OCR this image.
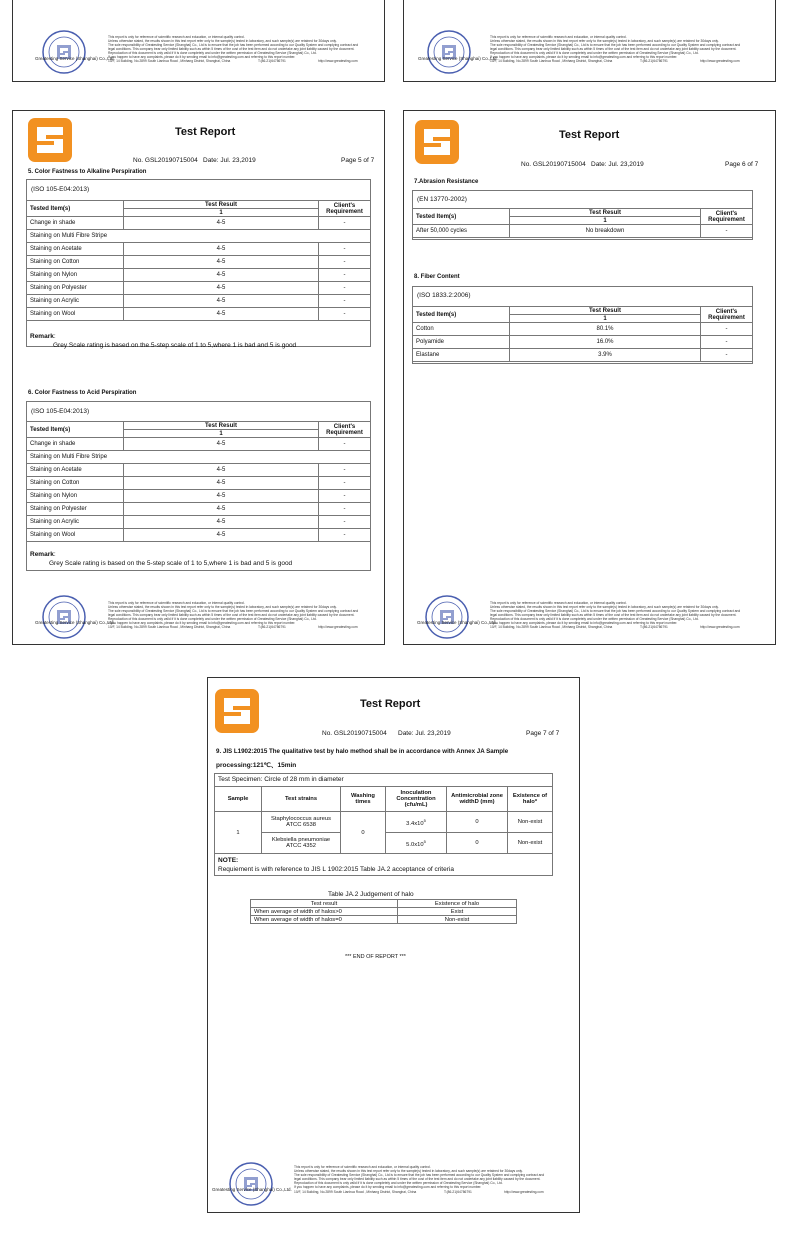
Greatesting Service (Shanghai) Co.,Ltd.
This report is only for reference of scientific research and education, or internal quality control.
Unless otherwise stated, the results shown in this test report refer only to the sample(s) tested in laboratory, and such sample(s) are retained for 30days only.
The sole responsibility of Greatesting Service (Shanghai) Co., Ltd is to ensure that the job has been performed according to our Quality System and complying contract and
legal conditions. This company bear only limited liability such as within 5 times of the cost of the test item and do not undertake any joint liability caused by the document.
Reproduction of this document is only valid if it is done completely and under the written permission of Greatesting Service (Shanghai) Co., Ltd.
If you happen to have any complaints, please do it by sending email to info@greatesting.com and referring to this report number.
10/F, 14 Building, No.2899 South Lianhua Road , Minhang District, Shanghai, China	T:(86-21)64786791	http://www.greatesting.com	Greatesting Service (Shanghai) Co.,Ltd.
This report is only for reference of scientific research and education, or internal quality control.
Unless otherwise stated, the results shown in this test report refer only to the sample(s) tested in laboratory, and such sample(s) are retained for 30days only.
The sole responsibility of Greatesting Service (Shanghai) Co., Ltd is to ensure that the job has been performed according to our Quality System and complying contract and
legal conditions. This company bear only limited liability such as within 5 times of the cost of the test item and do not undertake any joint liability caused by the document.
Reproduction of this document is only valid if it is done completely and under the written permission of Greatesting Service (Shanghai) Co., Ltd.
If you happen to have any complaints, please do it by sending email to info@greatesting.com and referring to this report number.
10/F, 14 Building, No.2899 South Lianhua Road , Minhang District, Shanghai, China	T:(86-21)64786791	http://www.greatesting.com
Test Report
No. GSL20190715004 Date: Jul. 23,2019	Page 5 of 7
5. Color Fastness to Alkaline Perspiration
(ISO 105-E04:2013)
Tested Item(s)	Test Result	Client's Requirement
	1	
Change in shade	4-5	-
Staining on Multi Fibre Stripe		
Staining on Acetate	4-5	-
Staining on Cotton	4-5	-
Staining on Nylon	4-5	-
Staining on Polyester	4-5	-
Staining on Acrylic	4-5	-
Staining on Wool	4-5	-
Remark:
Grey Scale rating is based on the 5-step scale of 1 to 5,where 1 is bad and 5 is good
6. Color Fastness to Acid Perspiration
(ISO 105-E04:2013)
Tested Item(s)	Test Result	Client's Requirement
	1	
Change in shade	4-5	-
Staining on Multi Fibre Stripe		
Staining on Acetate	4-5	-
Staining on Cotton	4-5	-
Staining on Nylon	4-5	-
Staining on Polyester	4-5	-
Staining on Acrylic	4-5	-
Staining on Wool	4-5	-
Remark:
Grey Scale rating is based on the 5-step scale of 1 to 5,where 1 is bad and 5 is good
Greatesting Service (Shanghai) Co.,Ltd.
This report is only for reference of scientific research and education, or internal quality control.
Unless otherwise stated, the results shown in this test report refer only to the sample(s) tested in laboratory, and such sample(s) are retained for 30days only.
The sole responsibility of Greatesting Service (Shanghai) Co., Ltd is to ensure that the job has been performed according to our Quality System and complying contract and
legal conditions. This company bear only limited liability such as within 5 times of the cost of the test item and do not undertake any joint liability caused by the document.
Reproduction of this document is only valid if it is done completely and under the written permission of Greatesting Service (Shanghai) Co., Ltd.
If you happen to have any complaints, please do it by sending email to info@greatesting.com and referring to this report number.
10/F, 14 Building, No.2899 South Lianhua Road , Minhang District, Shanghai, China	T:(86-21)64786791	http://www.greatesting.com
Test Report
No. GSL20190715004 Date: Jul. 23,2019	Page 6 of 7
7.Abrasion Resistance
(EN 13770-2002)
Tested Item(s)	Test Result	Client's Requirement
	1	
After 50,000 cycles	No breakdown	-
8. Fiber Content
(ISO 1833.2:2006)
Tested Item(s)	Test Result	Client's Requirement
	1	
Cotton	80.1%	-
Polyamide	16.0%	-
Elastane	3.9%	-
Greatesting Service (Shanghai) Co.,Ltd.
This report is only for reference of scientific research and education, or internal quality control.
Unless otherwise stated, the results shown in this test report refer only to the sample(s) tested in laboratory, and such sample(s) are retained for 30days only.
The sole responsibility of Greatesting Service (Shanghai) Co., Ltd is to ensure that the job has been performed according to our Quality System and complying contract and
legal conditions. This company bear only limited liability such as within 5 times of the cost of the test item and do not undertake any joint liability caused by the document.
Reproduction of this document is only valid if it is done completely and under the written permission of Greatesting Service (Shanghai) Co., Ltd.
If you happen to have any complaints, please do it by sending email to info@greatesting.com and referring to this report number.
10/F, 14 Building, No.2899 South Lianhua Road , Minhang District, Shanghai, China	T:(86-21)64786791	http://www.greatesting.com
Test Report
No. GSL20190715004 Date: Jul. 23,2019	Page 7 of 7
9. JIS L1902:2015 The qualitative test by halo method shall be in accordance with Annex JA Sample
processing:121℃、15min
Test Specimen: Circle of 28 mm in diameter
Sample	Test strains	Washing times	Inoculation Concentration (cfu/mL)	Antimicrobial zone widthD (mm)	Existence of halo*
1	Staphylococcus aureus ATCC 6538	0	$3.4x10^5$	0	Non-exist
	Klebsiella pneumoniae ATCC 4352		$5.0x10^5$	0	Non-exist
NOTE:
Requiement is with reference to JIS L 1902:2015 Table JA.2 acceptance of criteria
Table JA.2 Judgement of halo
Test result	Existence of halo
When average of width of halos>0	Exist
When average of width of halos=0	Non-exist
*** END OF REPORT ***
Greatesting Service (Shanghai) Co.,Ltd.
This report is only for reference of scientific research and education, or internal quality control.
Unless otherwise stated, the results shown in this test report refer only to the sample(s) tested in laboratory, and such sample(s) are retained for 30days only.
The sole responsibility of Greatesting Service (Shanghai) Co., Ltd is to ensure that the job has been performed according to our Quality System and complying contract and
legal conditions. This company bear only limited liability such as within 5 times of the cost of the test item and do not undertake any joint liability caused by the document.
Reproduction of this document is only valid if it is done completely and under the written permission of Greatesting Service (Shanghai) Co., Ltd.
If you happen to have any complaints, please do it by sending email to info@greatesting.com and referring to this report number.
10/F, 14 Building, No.2899 South Lianhua Road , Minhang District, Shanghai, China	T:(86-21)64786791	http://www.greatesting.com
